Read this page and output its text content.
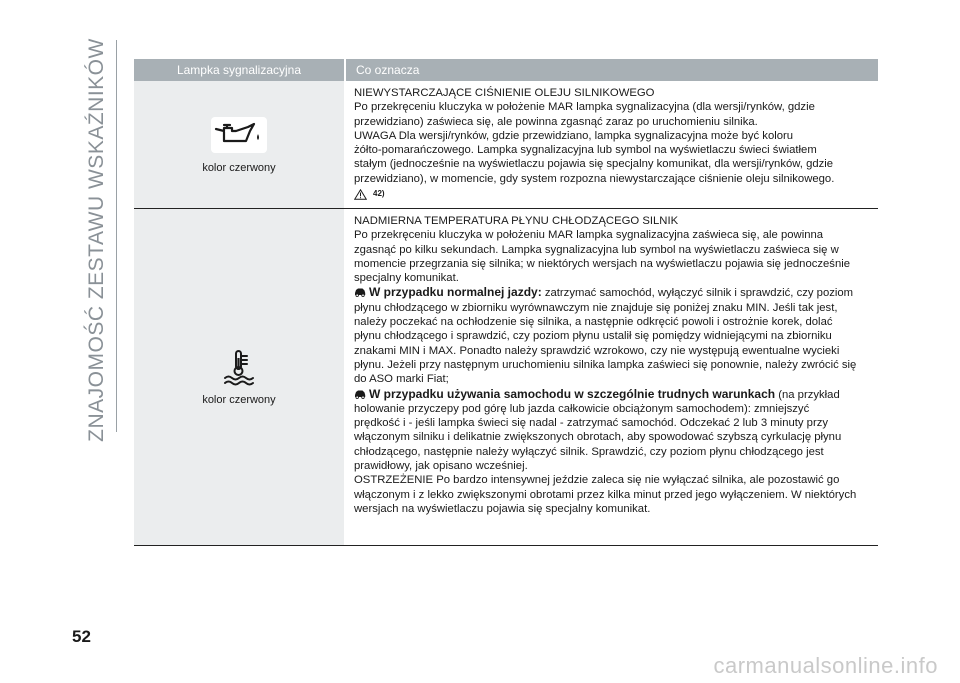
ZNAJOMOŚĆ ZESTAWU WSKAŹNIKÓW	Lampka sygnalizacyjna	Co oznacza
kolor czerwony
NIEWYSTARCZAJĄCE CIŚNIENIE OLEJU SILNIKOWEGO
Po przekręceniu kluczyka w położenie MAR lampka sygnalizacyjna (dla wersji/rynków, gdzie
przewidziano) zaświeca się, ale powinna zgasnąć zaraz po uruchomieniu silnika.
UWAGA Dla wersji/rynków, gdzie przewidziano, lampka sygnalizacyjna może być koloru
żółto-pomarańczowego. Lampka sygnalizacyjna lub symbol na wyświetlaczu świeci światłem
stałym (jednocześnie na wyświetlaczu pojawia się specjalny komunikat, dla wersji/rynków, gdzie
przewidziano), w momencie, gdy system rozpozna niewystarczające ciśnienie oleju silnikowego.
42)
kolor czerwony
NADMIERNA TEMPERATURA PŁYNU CHŁODZĄCEGO SILNIK
Po przekręceniu kluczyka w położeniu MAR lampka sygnalizacyjna zaświeca się, ale powinna
zgasnąć po kilku sekundach. Lampka sygnalizacyjna lub symbol na wyświetlaczu zaświeca się w
momencie przegrzania się silnika; w niektórych wersjach na wyświetlaczu pojawia się jednocześnie
specjalny komunikat.
W przypadku normalnej jazdy: zatrzymać samochód, wyłączyć silnik i sprawdzić, czy poziom
płynu chłodzącego w zbiorniku wyrównawczym nie znajduje się poniżej znaku MIN. Jeśli tak jest,
należy poczekać na ochłodzenie się silnika, a następnie odkręcić powoli i ostrożnie korek, dolać
płynu chłodzącego i sprawdzić, czy poziom płynu ustalił się pomiędzy widniejącymi na zbiorniku
znakami MIN i MAX. Ponadto należy sprawdzić wzrokowo, czy nie występują ewentualne wycieki
płynu. Jeżeli przy następnym uruchomieniu silnika lampka zaświeci się ponownie, należy zwrócić się
do ASO marki Fiat;
W przypadku używania samochodu w szczególnie trudnych warunkach (na przykład
holowanie przyczepy pod górę lub jazda całkowicie obciążonym samochodem): zmniejszyć
prędkość i - jeśli lampka świeci się nadal - zatrzymać samochód. Odczekać 2 lub 3 minuty przy
włączonym silniku i delikatnie zwiększonych obrotach, aby spowodować szybszą cyrkulację płynu
chłodzącego, następnie należy wyłączyć silnik. Sprawdzić, czy poziom płynu chłodzącego jest
prawidłowy, jak opisano wcześniej.
OSTRZEŻENIE Po bardzo intensywnej jeździe zaleca się nie wyłączać silnika, ale pozostawić go
włączonym i z lekko zwiększonymi obrotami przez kilka minut przed jego wyłączeniem. W niektórych
wersjach na wyświetlaczu pojawia się specjalny komunikat.
52
carmanualsonline.info
